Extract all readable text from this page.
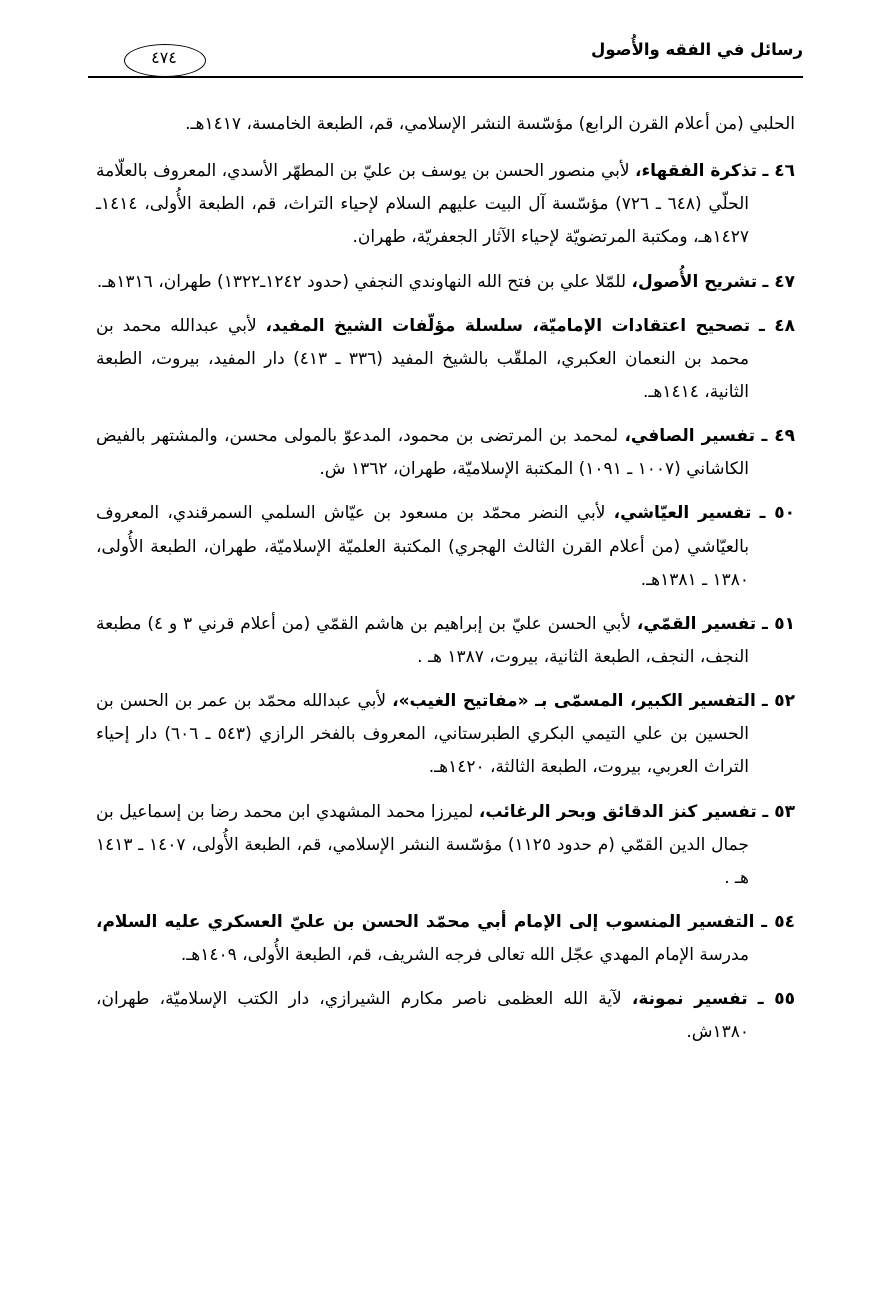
رسائل في الفقه والأُصول
٤٧٤
الحلبي (من أعلام القرن الرابع) مؤسّسة النشر الإسلامي، قم، الطبعة الخامسة، ١٤١٧هـ.
٤٦ ـ تذكرة الفقهاء، لأبي منصور الحسن بن يوسف بن عليّ بن المطهّر الأسدي، المعروف بالعلّامة الحلّي (٦٤٨ ـ ٧٢٦) مؤسّسة آل البيت عليهم السلام لإحياء التراث، قم، الطبعة الأُولى، ١٤١٤ـ ١٤٢٧هـ، ومكتبة المرتضويّة لإحياء الآثار الجعفريّة، طهران.
٤٧ ـ تشريح الأُصول، للمّلا علي بن فتح الله النهاوندي النجفي (حدود ١٢٤٢ـ١٣٢٢) طهران، ١٣١٦هـ.
٤٨ ـ تصحيح اعتقادات الإماميّة، سلسلة مؤلّفات الشيخ المفيد، لأبي عبدالله محمد بن محمد بن النعمان العكبري، الملقّب بالشيخ المفيد (٣٣٦ ـ ٤١٣) دار المفيد، بيروت، الطبعة الثانية، ١٤١٤هـ.
٤٩ ـ تفسير الصافي، لمحمد بن المرتضى بن محمود، المدعوّ بالمولى محسن، والمشتهر بالفيض الكاشاني (١٠٠٧ ـ ١٠٩١) المكتبة الإسلاميّة، طهران، ١٣٦٢ ش.
٥٠ ـ تفسير العيّاشي، لأبي النضر محمّد بن مسعود بن عيّاش السلمي السمرقندي، المعروف بالعيّاشي (من أعلام القرن الثالث الهجري) المكتبة العلميّة الإسلاميّة، طهران، الطبعة الأُولى، ١٣٨٠ ـ ١٣٨١هـ.
٥١ ـ تفسير القمّي، لأبي الحسن عليّ بن إبراهيم بن هاشم القمّي (من أعلام قرني ٣ و ٤) مطبعة النجف، النجف، الطبعة الثانية، بيروت، ١٣٨٧ هـ .
٥٢ ـ التفسير الكبير، المسمّى بـ «مفاتيح الغيب»، لأبي عبدالله محمّد بن عمر بن الحسن بن الحسين بن علي التيمي البكري الطبرستاني، المعروف بالفخر الرازي (٥٤٣ ـ ٦٠٦) دار إحياء التراث العربي، بيروت، الطبعة الثالثة، ١٤٢٠هـ.
٥٣ ـ تفسير كنز الدقائق وبحر الرغائب، لميرزا محمد المشهدي ابن محمد رضا بن إسماعيل بن جمال الدين القمّي (م حدود ١١٢٥) مؤسّسة النشر الإسلامي، قم، الطبعة الأُولى، ١٤٠٧ ـ ١٤١٣ هـ .
٥٤ ـ التفسير المنسوب إلى الإمام أبي محمّد الحسن بن عليّ العسكري عليه السلام، مدرسة الإمام المهدي عجّل الله تعالى فرجه الشريف، قم، الطبعة الأُولى، ١٤٠٩هـ.
٥٥ ـ تفسير نمونة، لآية الله العظمى ناصر مكارم الشيرازي، دار الكتب الإسلاميّة، طهران، ١٣٨٠ش.
